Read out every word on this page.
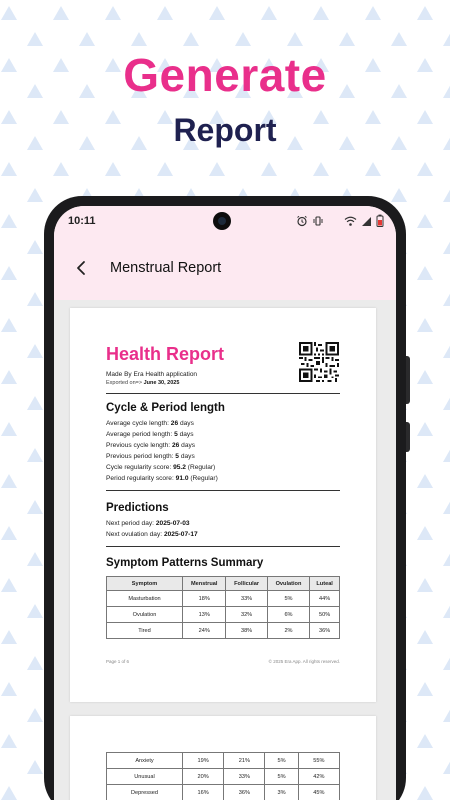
Generate
Report
10:11
Menstrual Report
Health Report
Made By Era Health application
Exported on=> June 30, 2025
Cycle & Period length
Average cycle length: 26 days
Average period length: 5 days
Previous cycle length: 26 days
Previous period length: 5 days
Cycle regularity score: 95.2 (Regular)
Period regularity score: 91.0 (Regular)
Predictions
Next period day: 2025-07-03
Next ovulation day: 2025-07-17
Symptom Patterns Summary
Symptom	Menstrual	Follicular	Ovulation	Luteal
Masturbation	18%	33%	5%	44%
Ovulation	13%	32%	6%	50%
Tired	24%	38%	2%	36%
Page 1 of 6	© 2025 Era App. All rights reserved.
Anxiety	19%	21%	5%	55%
Unusual	20%	33%	5%	42%
Depressed	16%	36%	3%	45%
